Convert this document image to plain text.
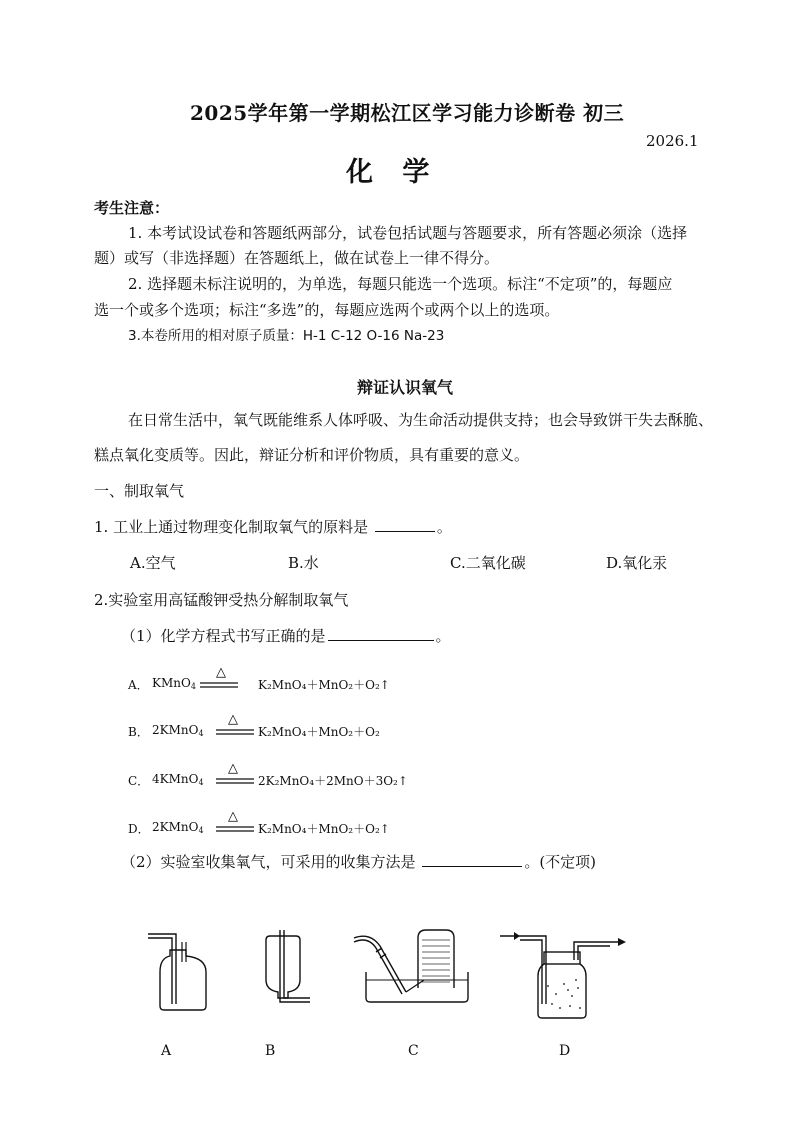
2025学年第一学期松江区学习能力诊断卷 初三
2026.1
化 学
考生注意：
1. 本考试设试卷和答题纸两部分，试卷包括试题与答题要求，所有答题必须涂（选择
题）或写（非选择题）在答题纸上，做在试卷上一律不得分。
2. 选择题未标注说明的，为单选，每题只能选一个选项。标注“不定项”的，每题应
选一个或多个选项；标注“多选”的，每题应选两个或两个以上的选项。
3.本卷所用的相对原子质量：H-1 C-12 O-16 Na-23
辩证认识氧气
在日常生活中，氧气既能维系人体呼吸、为生命活动提供支持；也会导致饼干失去酥脆、
糕点氧化变质等。因此，辩证分析和评价物质，具有重要的意义。
一、制取氧气
1. 工业上通过物理变化制取氧气的原料是	。
A.空气	B.水	C.二氧化碳	D.氧化汞
2.实验室用高锰酸钾受热分解制取氧气
（1）化学方程式书写正确的是	。
A． KMnO$_4$
△
K₂MnO₄＋MnO₂＋O₂↑
B． 2KMnO$_4$
△
K₂MnO₄＋MnO₂＋O₂
C． 4KMnO$_4$
△
2K₂MnO₄＋2MnO＋3O₂↑
D． 2KMnO$_4$
△
K₂MnO₄＋MnO₂＋O₂↑
（2）实验室收集氧气，可采用的收集方法是	。(不定项)
A	B	C	D
